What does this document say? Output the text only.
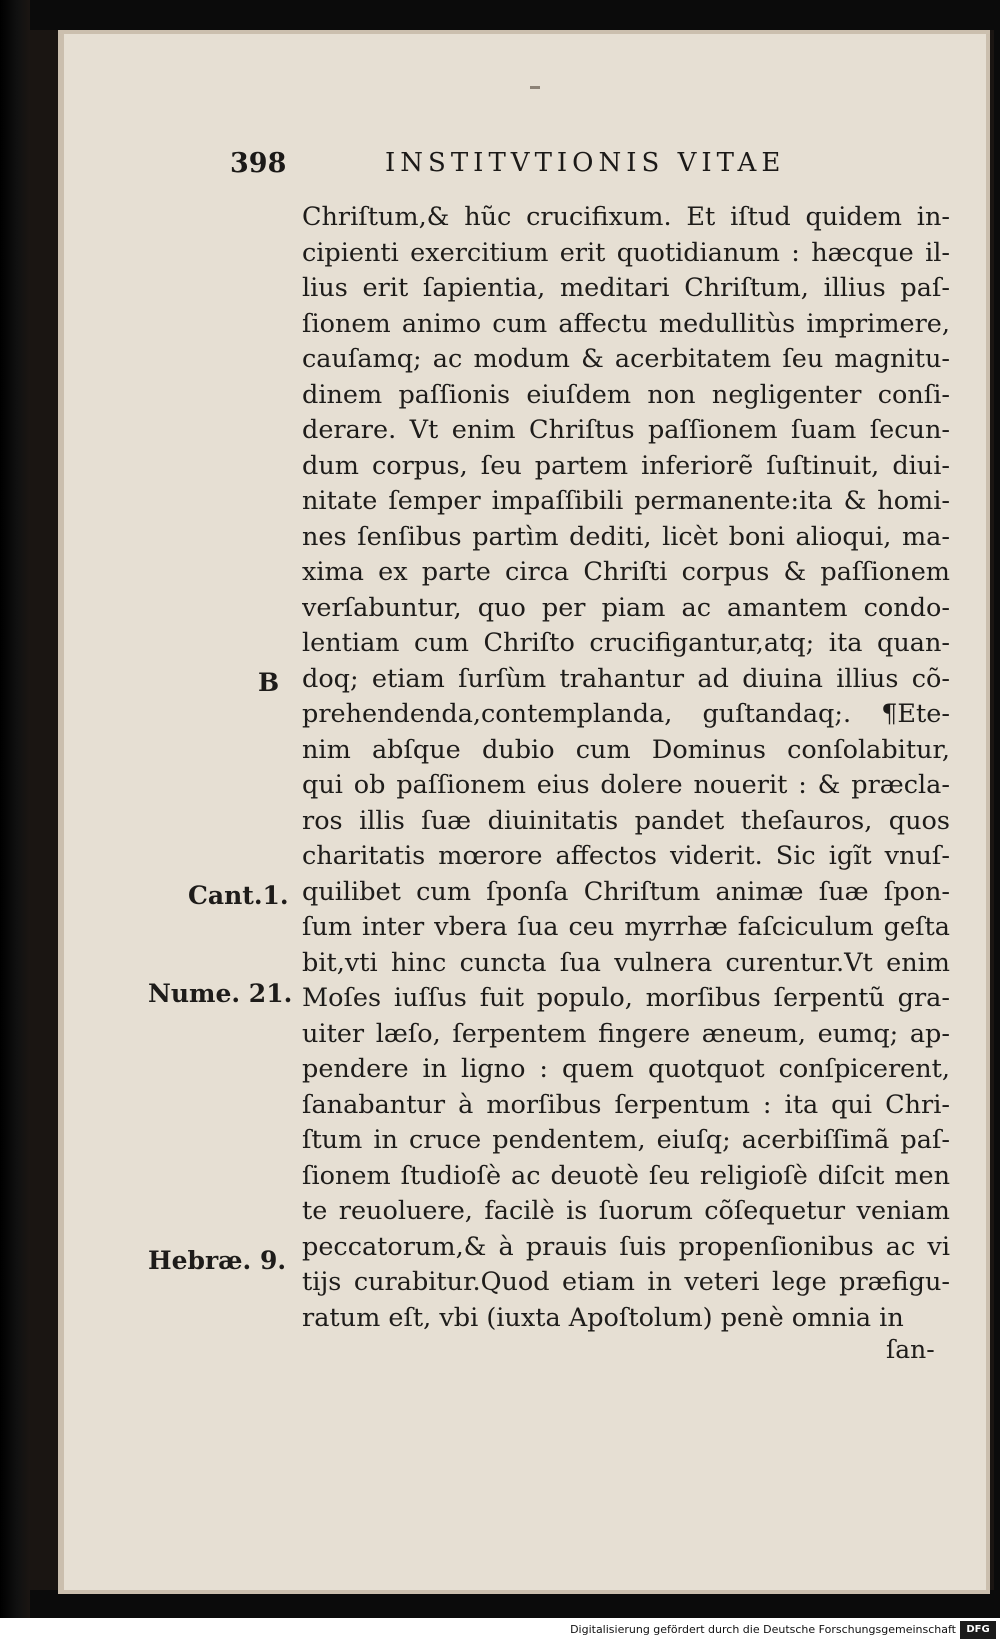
398	INSTITVTIONIS VITAE
Chriſtum,& hũc crucifixum. Et iſtud quidem in-
cipienti exercitium erit quotidianum : hæcque il-
lius erit ſapientia, meditari Chriſtum, illius paſ-
ſionem animo cum affectu medullitùs imprimere,
cauſamq; ac modum & acerbitatem ſeu magnitu-
dinem paſſionis eiuſdem non negligenter conſi-
derare. Vt enim Chriſtus paſſionem ſuam ſecun-
dum corpus, ſeu partem inferiorẽ ſuſtinuit, diui-
nitate ſemper impaſſibili permanente:ita & homi-
nes ſenſibus partìm dediti, licèt boni alioqui, ma-
xima ex parte circa Chriſti corpus & paſſionem
verſabuntur, quo per piam ac amantem condo-
lentiam cum Chriſto crucifigantur,atq; ita quan-
doq; etiam ſurſùm trahantur ad diuina illius cõ-
prehendenda,contemplanda, guſtandaq;. ¶Ete-
nim abſque dubio cum Dominus conſolabitur,
qui ob paſſionem eius dolere nouerit : & præcla-
ros illis ſuæ diuinitatis pandet theſauros, quos
charitatis mœrore affectos viderit. Sic igĩt vnuſ-
quilibet cum ſponſa Chriſtum animæ ſuæ ſpon-
ſum inter vbera ſua ceu myrrhæ faſciculum geſta
bit,vti hinc cuncta ſua vulnera curentur.Vt enim
Moſes iuſſus fuit populo, morſibus ſerpentũ gra-
uiter læſo, ſerpentem fingere æneum, eumq; ap-
pendere in ligno : quem quotquot conſpicerent,
ſanabantur à morſibus ſerpentum : ita qui Chri-
ſtum in cruce pendentem, eiuſq; acerbiſſimã paſ-
ſionem ſtudioſè ac deuotè ſeu religioſè diſcit men
te reuoluere, facilè is ſuorum cõſequetur veniam
peccatorum,& à prauis ſuis propenſionibus ac vi
tijs curabitur.Quod etiam in veteri lege præfigu-
ratum eſt, vbi (iuxta Apoſtolum) penè omnia in
B
Cant.1.
Nume. 21.
Hebræ. 9.
ſan-
Digitalisierung gefördert durch die Deutsche Forschungsgemeinschaft	DFG
